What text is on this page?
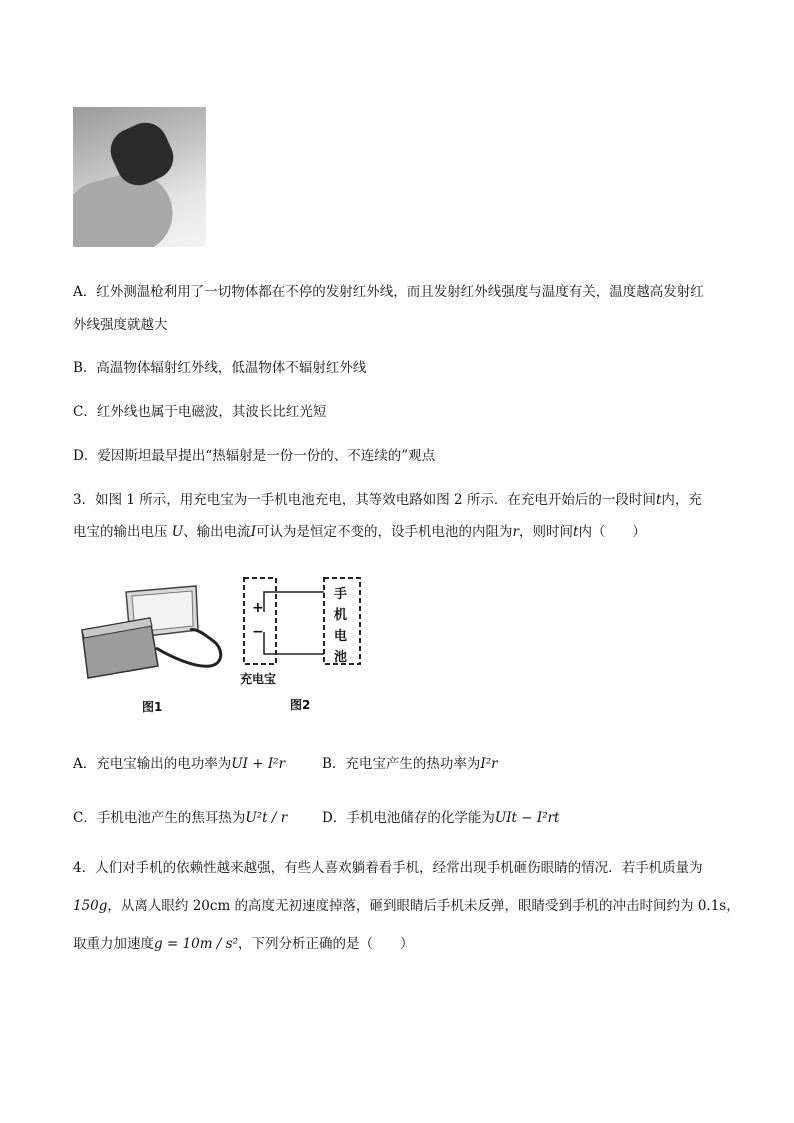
A．红外测温枪利用了一切物体都在不停的发射红外线，而且发射红外线强度与温度有关，温度越高发射红
外线强度就越大
B．高温物体辐射红外线，低温物体不辐射红外线
C．红外线也属于电磁波，其波长比红光短
D．爱因斯坦最早提出“热辐射是一份一份的、不连续的”观点
3．如图 1 所示，用充电宝为一手机电池充电，其等效电路如图 2 所示．在充电开始后的一段时间t内，充
电宝的输出电压 U、输出电流I可认为是恒定不变的，设手机电池的内阻为r，则时间t内（　　）
图1
+
−
手
机
电
池
充电宝
图2
A．充电宝输出的电功率为UI + I²r	B．充电宝产生的热功率为I²r
C．手机电池产生的焦耳热为U²t / r	D．手机电池储存的化学能为UIt − I²rt
4．人们对手机的依赖性越来越强，有些人喜欢躺着看手机，经常出现手机砸伤眼睛的情况．若手机质量为
150g，从离人眼约 20cm 的高度无初速度掉落，砸到眼睛后手机未反弹，眼睛受到手机的冲击时间约为 0.1s，
取重力加速度g = 10m / s²，下列分析正确的是（　　）
